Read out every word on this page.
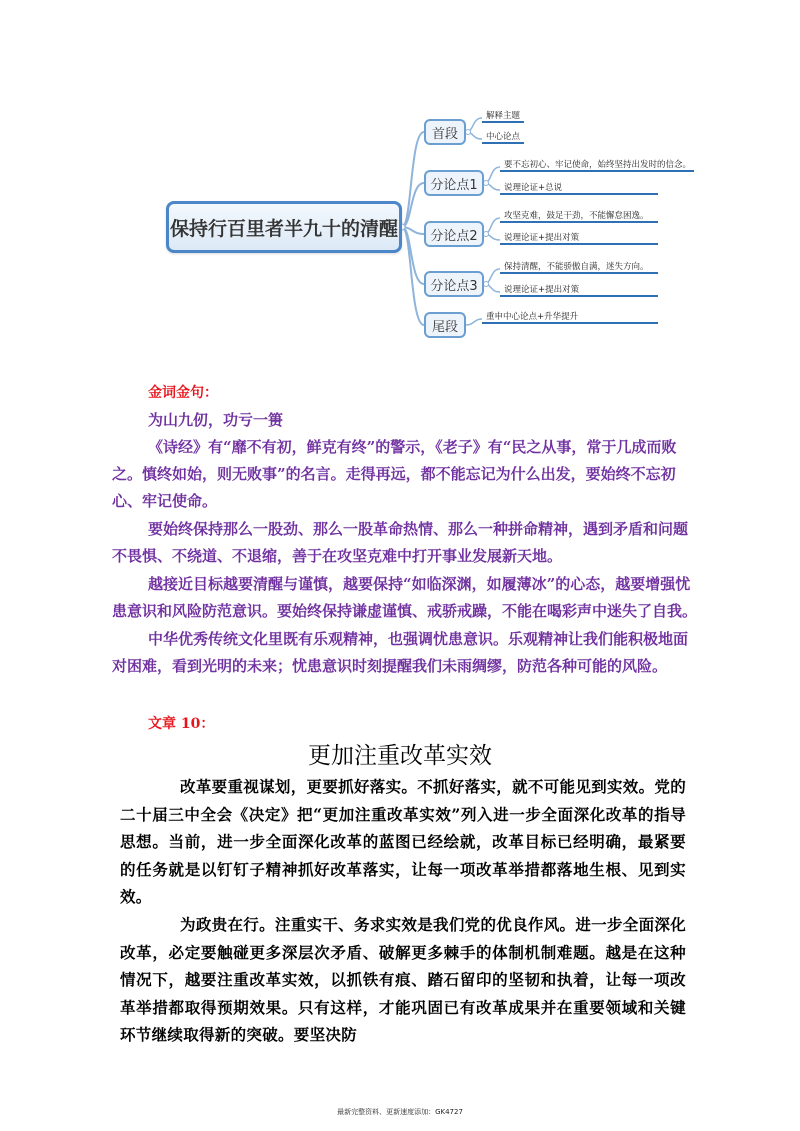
保持行百里者半九十的清醒
首段
解释主题
中心论点
分论点1
要不忘初心、牢记使命，始终坚持出发时的信念。
说理论证+总说
分论点2
攻坚克难，鼓足干劲，不能懈怠困逸。
说理论证+提出对策
分论点3
保持清醒，不能骄傲自满，迷失方向。
说理论证+提出对策
尾段
重申中心论点+升华提升
金词金句：

为山九仞，功亏一篑

《诗经》有“靡不有初，鲜克有终”的警示，《老子》有“民之从事，常于几成而败之。慎终如始，则无败事”的名言。走得再远，都不能忘记为什么出发，要始终不忘初心、牢记使命。

要始终保持那么一股劲、那么一股革命热情、那么一种拼命精神，遇到矛盾和问题不畏惧、不绕道、不退缩，善于在攻坚克难中打开事业发展新天地。

越接近目标越要清醒与谨慎，越要保持“如临深渊，如履薄冰”的心态，越要增强忧患意识和风险防范意识。要始终保持谦虚谨慎、戒骄戒躁，不能在喝彩声中迷失了自我。

中华优秀传统文化里既有乐观精神，也强调忧患意识。乐观精神让我们能积极地面对困难，看到光明的未来；忧患意识时刻提醒我们未雨绸缪，防范各种可能的风险。

文章 10：
更加注重改革实效

改革要重视谋划，更要抓好落实。不抓好落实，就不可能见到实效。党的二十届三中全会《决定》把“更加注重改革实效”列入进一步全面深化改革的指导思想。当前，进一步全面深化改革的蓝图已经绘就，改革目标已经明确，最紧要的任务就是以钉钉子精神抓好改革落实，让每一项改革举措都落地生根、见到实效。

为政贵在行。注重实干、务求实效是我们党的优良作风。进一步全面深化改革，必定要触碰更多深层次矛盾、破解更多棘手的体制机制难题。越是在这种情况下，越要注重改革实效，以抓铁有痕、踏石留印的坚韧和执着，让每一项改革举措都取得预期效果。只有这样，才能巩固已有改革成果并在重要领域和关键环节继续取得新的突破。要坚决防

最新完整资料、更新速度添加：GK4727
